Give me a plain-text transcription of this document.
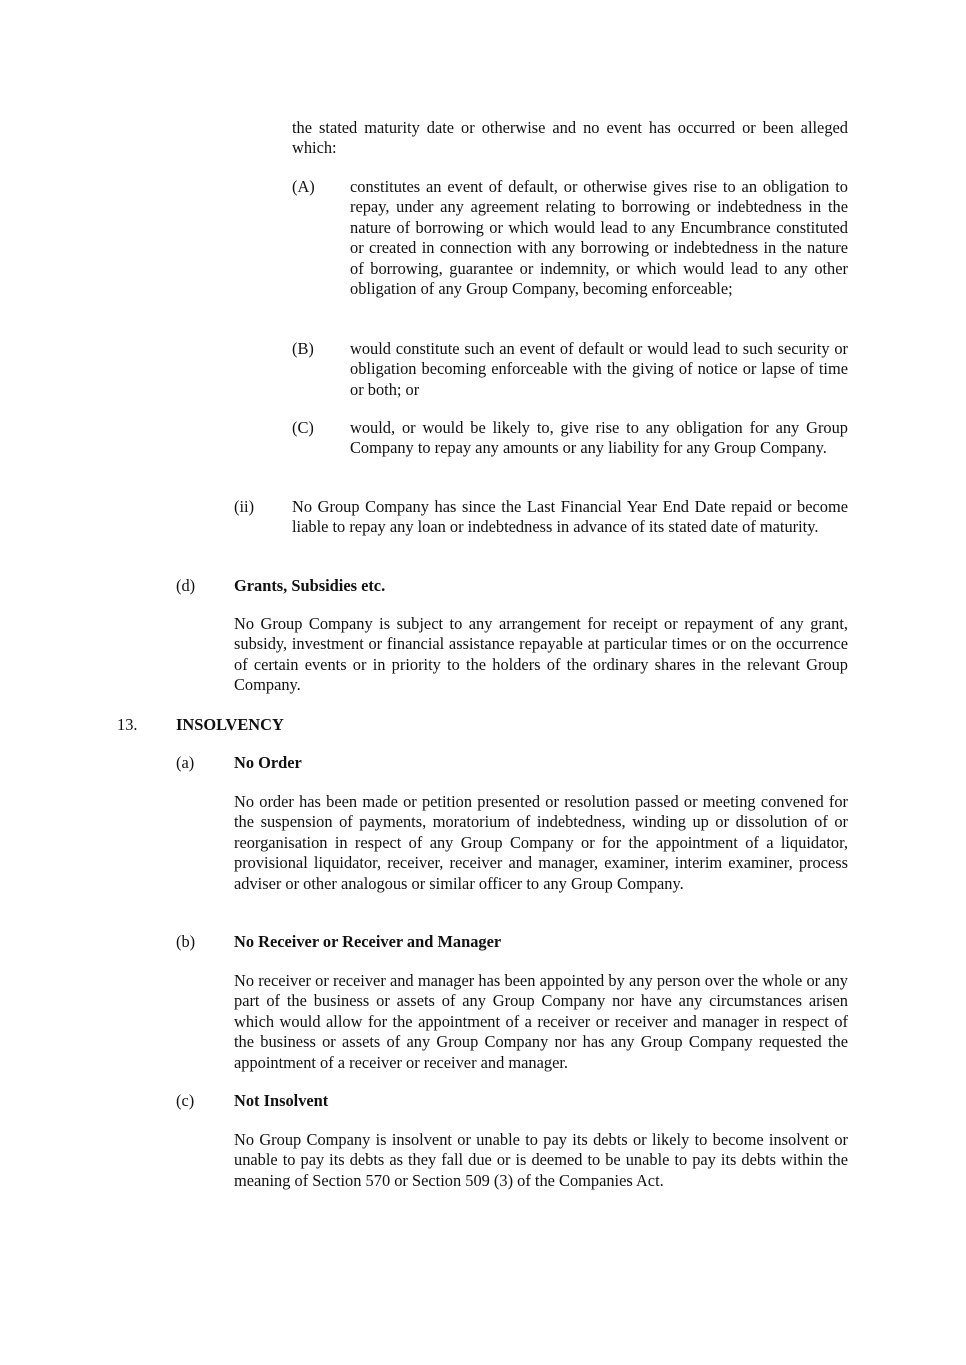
the stated maturity date or otherwise and no event has occurred or been alleged which:

(A) constitutes an event of default, or otherwise gives rise to an obligation to repay, under any agreement relating to borrowing or indebtedness in the nature of borrowing or which would lead to any Encumbrance constituted or created in connection with any borrowing or indebtedness in the nature of borrowing, guarantee or indemnity, or which would lead to any other obligation of any Group Company, becoming enforceable;

(B) would constitute such an event of default or would lead to such security or obligation becoming enforceable with the giving of notice or lapse of time or both; or

(C) would, or would be likely to, give rise to any obligation for any Group Company to repay any amounts or any liability for any Group Company.

(ii) No Group Company has since the Last Financial Year End Date repaid or become liable to repay any loan or indebtedness in advance of its stated date of maturity.

(d) Grants, Subsidies etc.

No Group Company is subject to any arrangement for receipt or repayment of any grant, subsidy, investment or financial assistance repayable at particular times or on the occurrence of certain events or in priority to the holders of the ordinary shares in the relevant Group Company.

13. INSOLVENCY
(a) No Order

No order has been made or petition presented or resolution passed or meeting convened for the suspension of payments, moratorium of indebtedness, winding up or dissolution of or reorganisation in respect of any Group Company or for the appointment of a liquidator, provisional liquidator, receiver, receiver and manager, examiner, interim examiner, process adviser or other analogous or similar officer to any Group Company.

(b) No Receiver or Receiver and Manager

No receiver or receiver and manager has been appointed by any person over the whole or any part of the business or assets of any Group Company nor have any circumstances arisen which would allow for the appointment of a receiver or receiver and manager in respect of the business or assets of any Group Company nor has any Group Company requested the appointment of a receiver or receiver and manager.

(c) Not Insolvent

No Group Company is insolvent or unable to pay its debts or likely to become insolvent or unable to pay its debts as they fall due or is deemed to be unable to pay its debts within the meaning of Section 570 or Section 509 (3) of the Companies Act.
